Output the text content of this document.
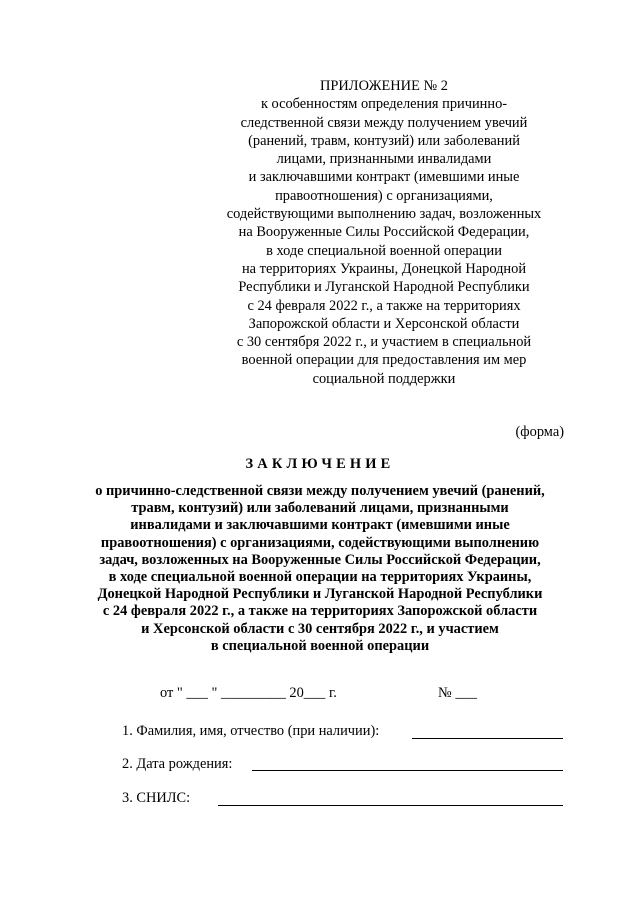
ПРИЛОЖЕНИЕ № 2
к особенностям определения причинно-
следственной связи между получением увечий
(ранений, травм, контузий) или заболеваний
лицами, признанными инвалидами
и заключавшими контракт (имевшими иные
правоотношения) с организациями,
содействующими выполнению задач, возложенных
на Вооруженные Силы Российской Федерации,
в ходе специальной военной операции
на территориях Украины, Донецкой Народной
Республики и Луганской Народной Республики
с 24 февраля 2022 г., а также на территориях
Запорожской области и Херсонской области
с 30 сентября 2022 г., и участием в специальной
военной операции для предоставления им мер
социальной поддержки
(форма)
ЗАКЛЮЧЕНИЕ
о причинно-следственной связи между получением увечий (ранений,
травм, контузий) или заболеваний лицами, признанными
инвалидами и заключавшими контракт (имевшими иные
правоотношения) с организациями, содействующими выполнению
задач, возложенных на Вооруженные Силы Российской Федерации,
в ходе специальной военной операции на территориях Украины,
Донецкой Народной Республики и Луганской Народной Республики
с 24 февраля 2022 г., а также на территориях Запорожской области
и Херсонской области с 30 сентября 2022 г., и участием
в специальной военной операции
от " ___ " _________ 20___ г.	№ ___
1. Фамилия, имя, отчество (при наличии):
2. Дата рождения:
3. СНИЛС:
